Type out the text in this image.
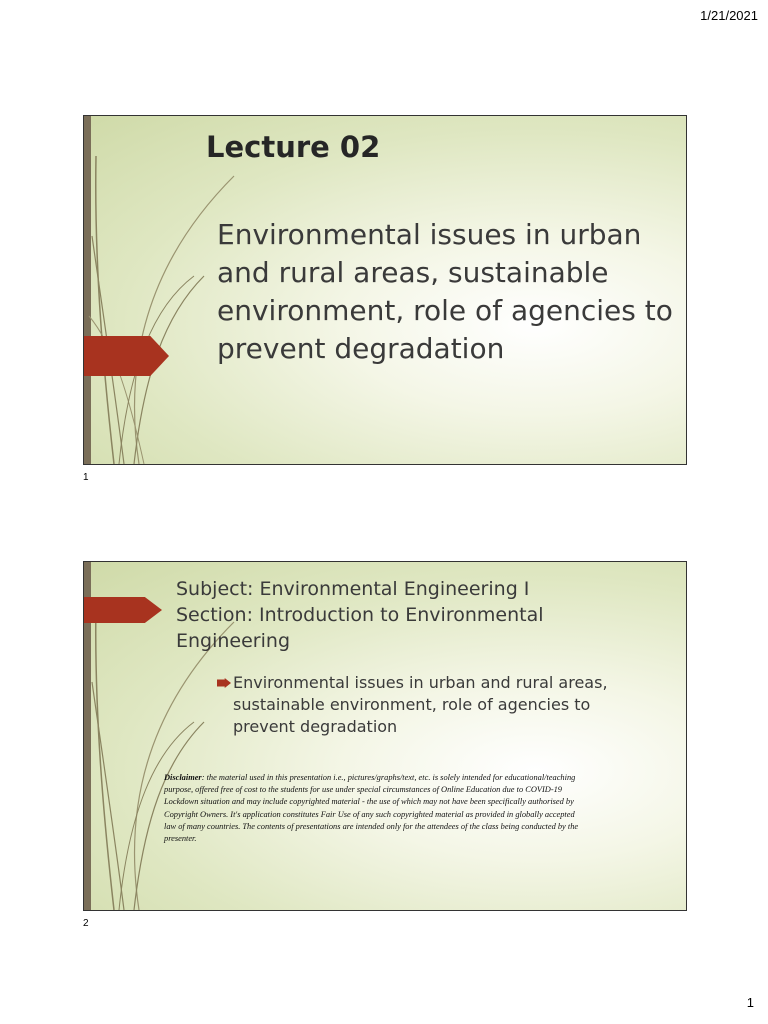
1/21/2021
Lecture 02
Environmental issues in urban and rural areas, sustainable environment, role of agencies to prevent degradation
1
Subject: Environmental Engineering I
Section: Introduction to Environmental Engineering
Environmental issues in urban and rural areas, sustainable environment, role of agencies to prevent degradation
Disclaimer: the material used in this presentation i.e., pictures/graphs/text, etc. is solely intended for educational/teaching purpose, offered free of cost to the students for use under special circumstances of Online Education due to COVID-19 Lockdown situation and may include copyrighted material - the use of which may not have been specifically authorised by Copyright Owners. It's application constitutes Fair Use of any such copyrighted material as provided in globally accepted law of many countries. The contents of presentations are intended only for the attendees of the class being conducted by the presenter.
2
1
